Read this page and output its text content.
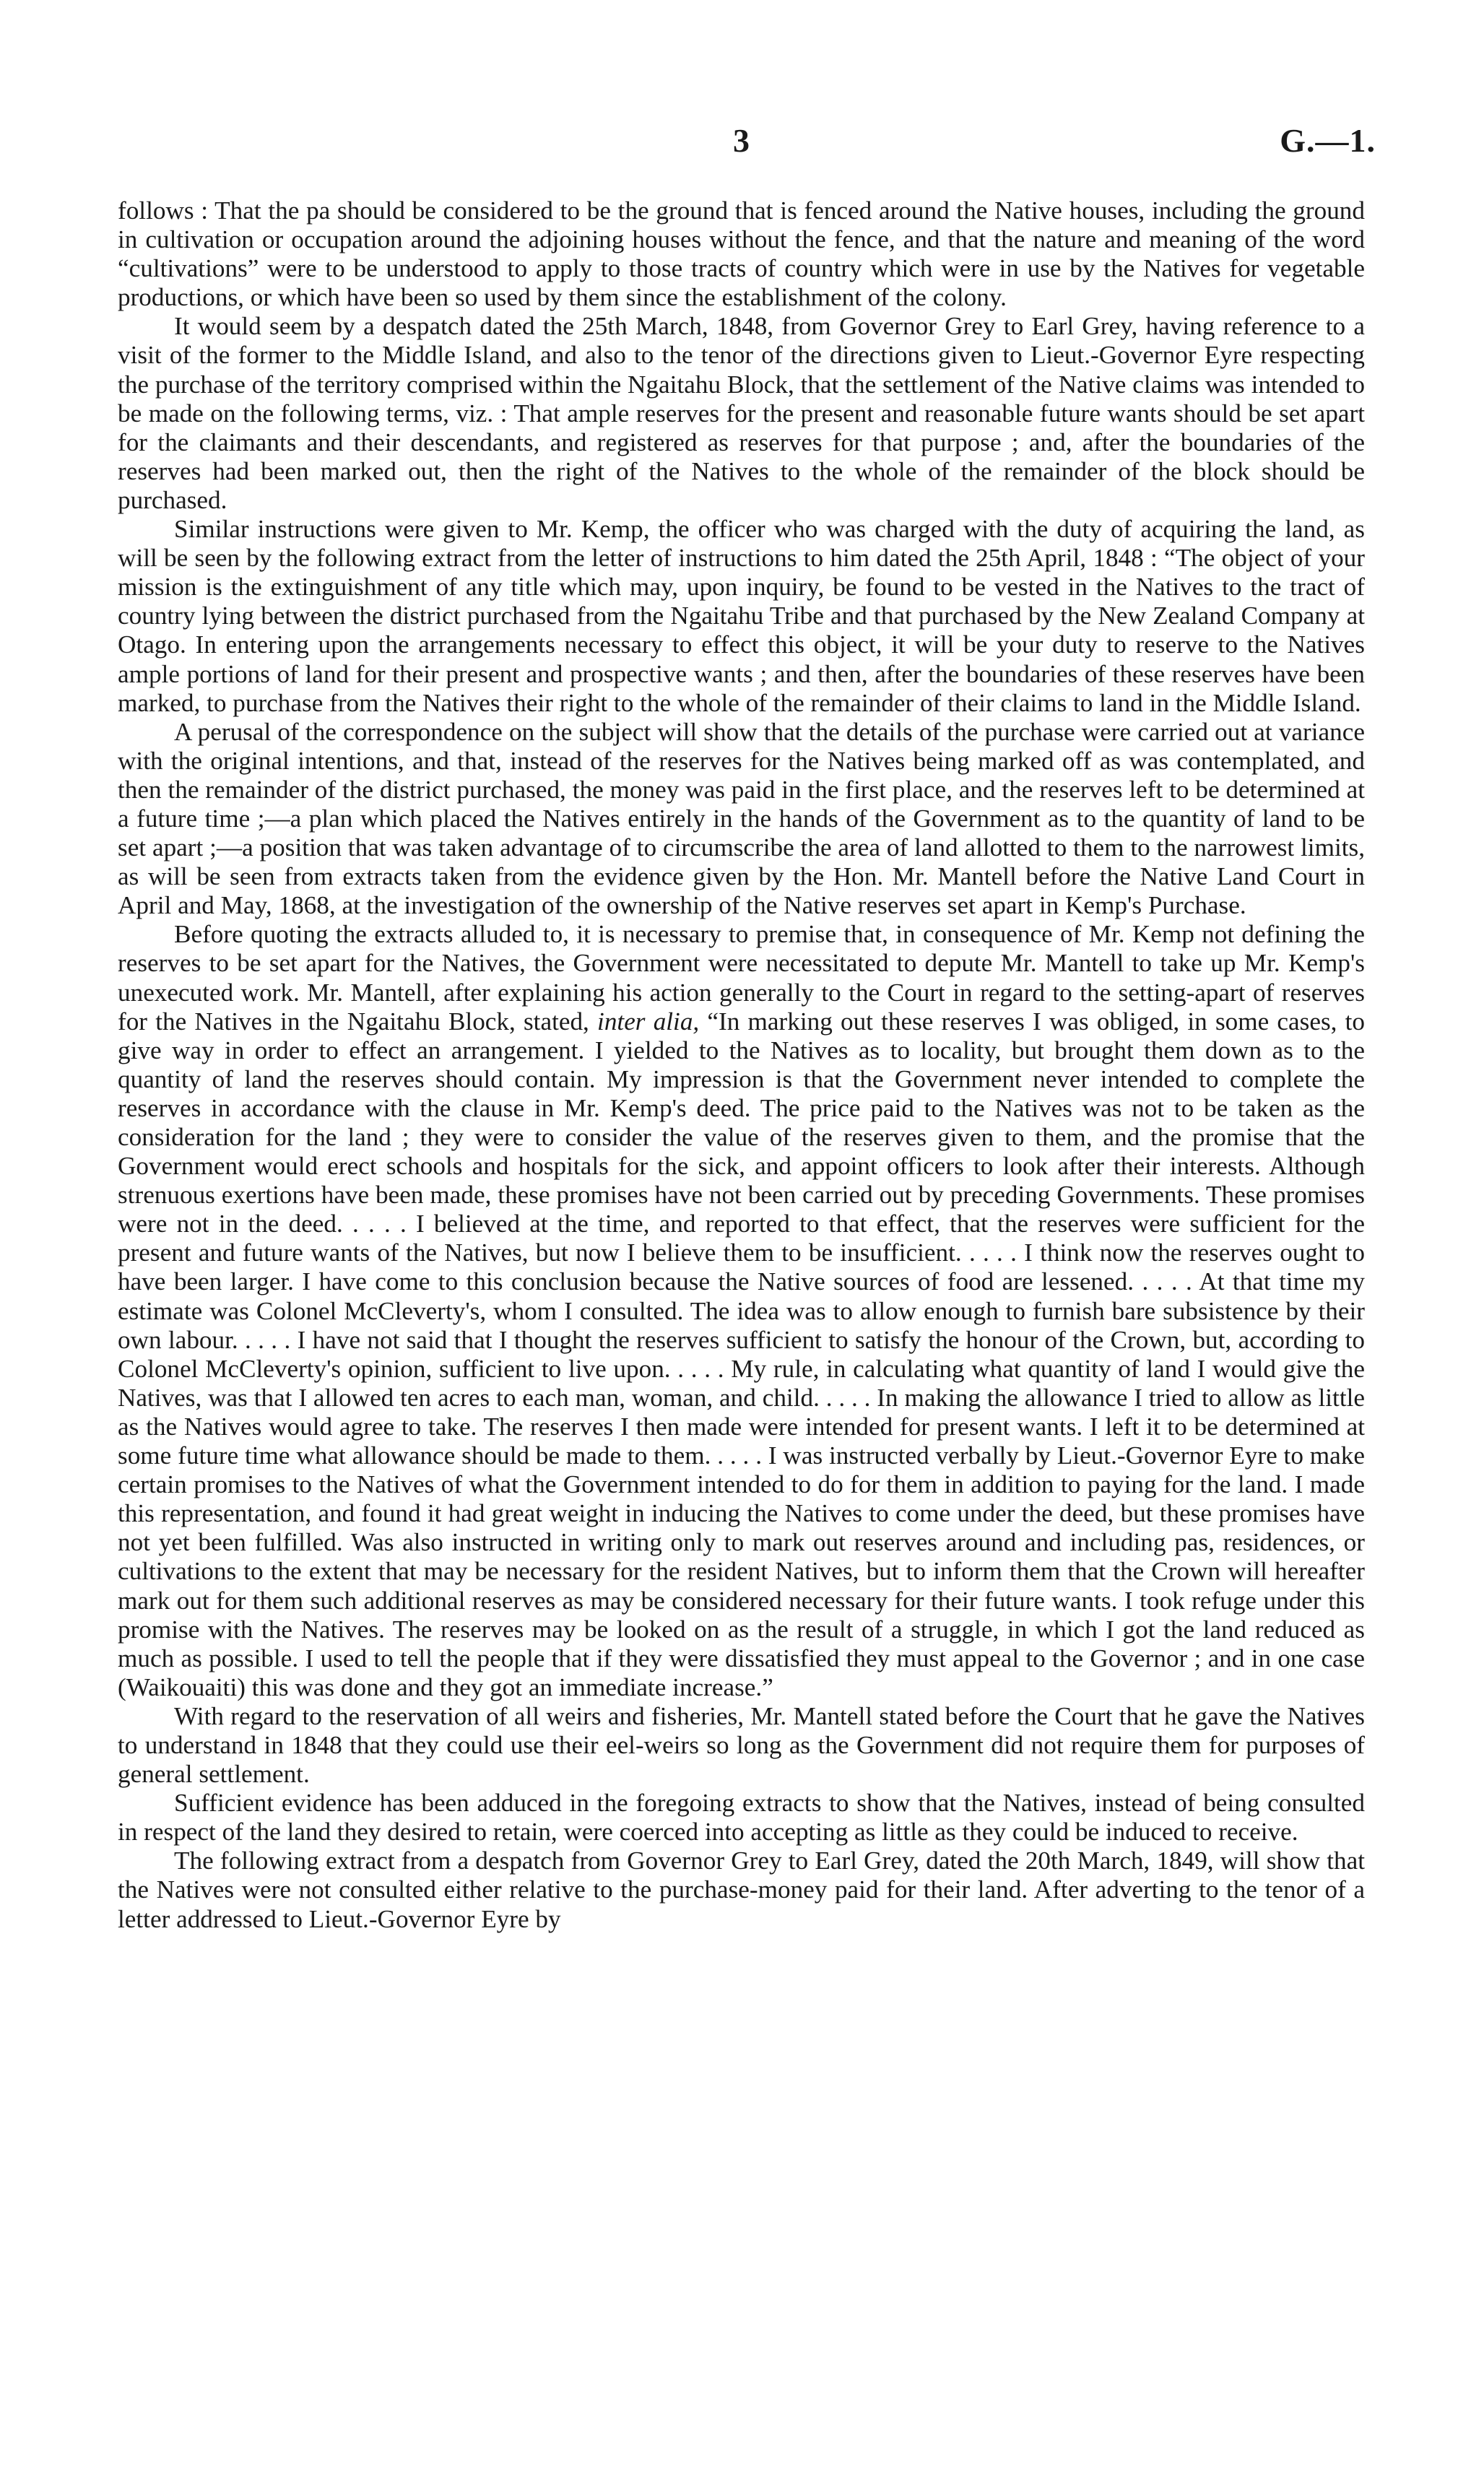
3	G.—1.

follows : That the pa should be considered to be the ground that is fenced around the Native houses, including the ground in cultivation or occupation around the adjoining houses without the fence, and that the nature and meaning of the word “cultivations” were to be understood to apply to those tracts of country which were in use by the Natives for vegetable productions, or which have been so used by them since the establishment of the colony.

It would seem by a despatch dated the 25th March, 1848, from Governor Grey to Earl Grey, having reference to a visit of the former to the Middle Island, and also to the tenor of the directions given to Lieut.-Governor Eyre respecting the purchase of the territory comprised within the Ngaitahu Block, that the settlement of the Native claims was intended to be made on the following terms, viz. : That ample reserves for the present and reasonable future wants should be set apart for the claimants and their descendants, and registered as reserves for that purpose ; and, after the boundaries of the reserves had been marked out, then the right of the Natives to the whole of the remainder of the block should be purchased.

Similar instructions were given to Mr. Kemp, the officer who was charged with the duty of acquiring the land, as will be seen by the following extract from the letter of instructions to him dated the 25th April, 1848 : “The object of your mission is the extinguishment of any title which may, upon inquiry, be found to be vested in the Natives to the tract of country lying between the district purchased from the Ngaitahu Tribe and that purchased by the New Zealand Company at Otago. In entering upon the arrangements necessary to effect this object, it will be your duty to reserve to the Natives ample portions of land for their present and prospective wants ; and then, after the boundaries of these reserves have been marked, to purchase from the Natives their right to the whole of the remainder of their claims to land in the Middle Island.

A perusal of the correspondence on the subject will show that the details of the purchase were carried out at variance with the original intentions, and that, instead of the reserves for the Natives being marked off as was contemplated, and then the remainder of the district purchased, the money was paid in the first place, and the reserves left to be determined at a future time ;—a plan which placed the Natives entirely in the hands of the Government as to the quantity of land to be set apart ;—a position that was taken advantage of to circumscribe the area of land allotted to them to the narrowest limits, as will be seen from extracts taken from the evidence given by the Hon. Mr. Mantell before the Native Land Court in April and May, 1868, at the investigation of the ownership of the Native reserves set apart in Kemp's Purchase.

Before quoting the extracts alluded to, it is necessary to premise that, in consequence of Mr. Kemp not defining the reserves to be set apart for the Natives, the Government were necessitated to depute Mr. Mantell to take up Mr. Kemp's unexecuted work. Mr. Mantell, after explaining his action generally to the Court in regard to the setting-apart of reserves for the Natives in the Ngaitahu Block, stated, inter alia, “In marking out these reserves I was obliged, in some cases, to give way in order to effect an arrangement. I yielded to the Natives as to locality, but brought them down as to the quantity of land the reserves should contain. My impression is that the Government never intended to complete the reserves in accordance with the clause in Mr. Kemp's deed. The price paid to the Natives was not to be taken as the consideration for the land ; they were to consider the value of the reserves given to them, and the promise that the Government would erect schools and hospitals for the sick, and appoint officers to look after their interests. Although strenuous exertions have been made, these promises have not been carried out by preceding Governments. These promises were not in the deed. . . . . I believed at the time, and reported to that effect, that the reserves were sufficient for the present and future wants of the Natives, but now I believe them to be insufficient. . . . . I think now the reserves ought to have been larger. I have come to this conclusion because the Native sources of food are lessened. . . . . At that time my estimate was Colonel McCleverty's, whom I consulted. The idea was to allow enough to furnish bare subsistence by their own labour. . . . . I have not said that I thought the reserves sufficient to satisfy the honour of the Crown, but, according to Colonel McCleverty's opinion, sufficient to live upon. . . . . My rule, in calculating what quantity of land I would give the Natives, was that I allowed ten acres to each man, woman, and child. . . . . In making the allowance I tried to allow as little as the Natives would agree to take. The reserves I then made were intended for present wants. I left it to be determined at some future time what allowance should be made to them. . . . . I was instructed verbally by Lieut.-Governor Eyre to make certain promises to the Natives of what the Government intended to do for them in addition to paying for the land. I made this representation, and found it had great weight in inducing the Natives to come under the deed, but these promises have not yet been fulfilled. Was also instructed in writing only to mark out reserves around and including pas, residences, or cultivations to the extent that may be necessary for the resident Natives, but to inform them that the Crown will hereafter mark out for them such additional reserves as may be considered necessary for their future wants. I took refuge under this promise with the Natives. The reserves may be looked on as the result of a struggle, in which I got the land reduced as much as possible. I used to tell the people that if they were dissatisfied they must appeal to the Governor ; and in one case (Waikouaiti) this was done and they got an immediate increase.”

With regard to the reservation of all weirs and fisheries, Mr. Mantell stated before the Court that he gave the Natives to understand in 1848 that they could use their eel-weirs so long as the Government did not require them for purposes of general settlement.

Sufficient evidence has been adduced in the foregoing extracts to show that the Natives, instead of being consulted in respect of the land they desired to retain, were coerced into accepting as little as they could be induced to receive.

The following extract from a despatch from Governor Grey to Earl Grey, dated the 20th March, 1849, will show that the Natives were not consulted either relative to the purchase-money paid for their land. After adverting to the tenor of a letter addressed to Lieut.-Governor Eyre by
